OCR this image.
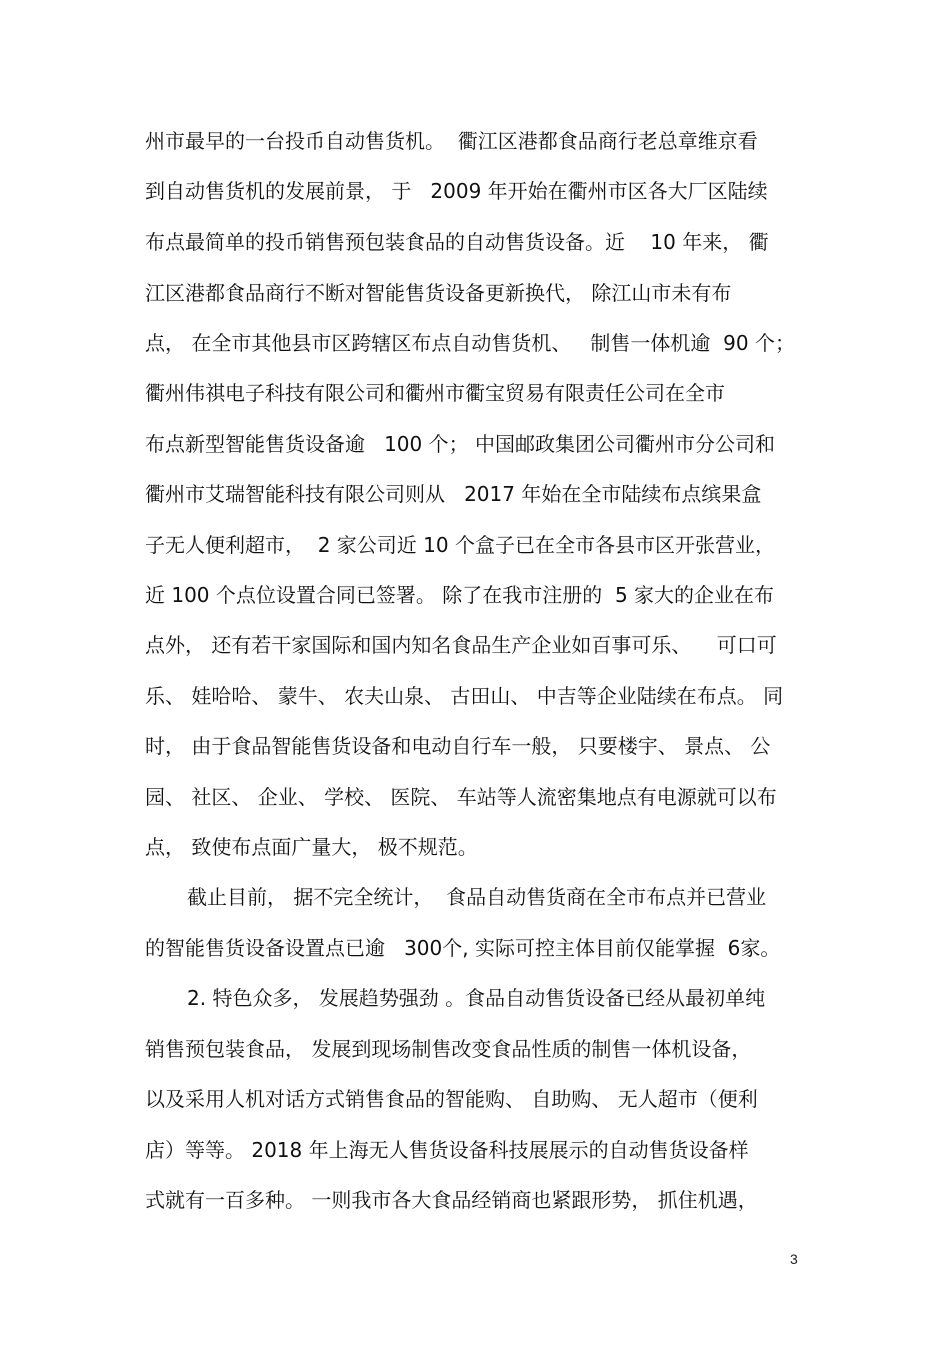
州市最早的一台投币自动售货机。  衢江区港都食品商行老总章维京看
到自动售货机的发展前景， 于   2009 年开始在衢州市区各大厂区陆续
布点最简单的投币销售预包装食品的自动售货设备。近    10 年来， 衢
江区港都食品商行不断对智能售货设备更新换代， 除江山市未有布
点， 在全市其他县市区跨辖区布点自动售货机、   制售一体机逾  90 个；
衢州伟祺电子科技有限公司和衢州市衢宝贸易有限责任公司在全市
布点新型智能售货设备逾   100 个； 中国邮政集团公司衢州市分公司和
衢州市艾瑞智能科技有限公司则从   2017 年始在全市陆续布点缤果盒
子无人便利超市，  2 家公司近 10 个盒子已在全市各县市区开张营业，
近 100 个点位设置合同已签署。 除了在我市注册的  5 家大的企业在布
点外， 还有若干家国际和国内知名食品生产企业如百事可乐、    可口可
乐、 娃哈哈、 蒙牛、 农夫山泉、 古田山、 中吉等企业陆续在布点。 同
时， 由于食品智能售货设备和电动自行车一般， 只要楼宇、 景点、 公
园、 社区、 企业、 学校、 医院、 车站等人流密集地点有电源就可以布
点， 致使布点面广量大， 极不规范。
截止目前， 据不完全统计，  食品自动售货商在全市布点并已营业
的智能售货设备设置点已逾   300个, 实际可控主体目前仅能掌握  6家。
2. 特色众多， 发展趋势强劲 。食品自动售货设备已经从最初单纯
销售预包装食品， 发展到现场制售改变食品性质的制售一体机设备，
以及采用人机对话方式销售食品的智能购、 自助购、 无人超市（便利
店）等等。 2018 年上海无人售货设备科技展展示的自动售货设备样
式就有一百多种。 一则我市各大食品经销商也紧跟形势， 抓住机遇，
3
